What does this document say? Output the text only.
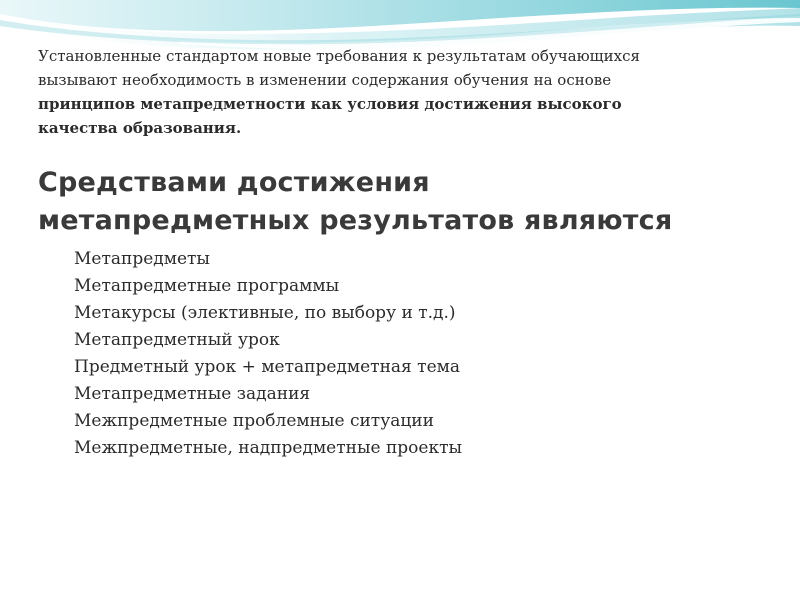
Установленные стандартом новые требования к результатам обучающихся
вызывают необходимость в изменении содержания обучения на основе
принципов метапредметности как условия достижения высокого
качества образования.

Средствами достижения
метапредметных результатов являются
Метапредметы
Метапредметные программы
Метакурсы (элективные, по выбору и т.д.)
Метапредметный урок
Предметный урок + метапредметная тема
Метапредметные задания
Межпредметные проблемные ситуации
Межпредметные, надпредметные проекты
